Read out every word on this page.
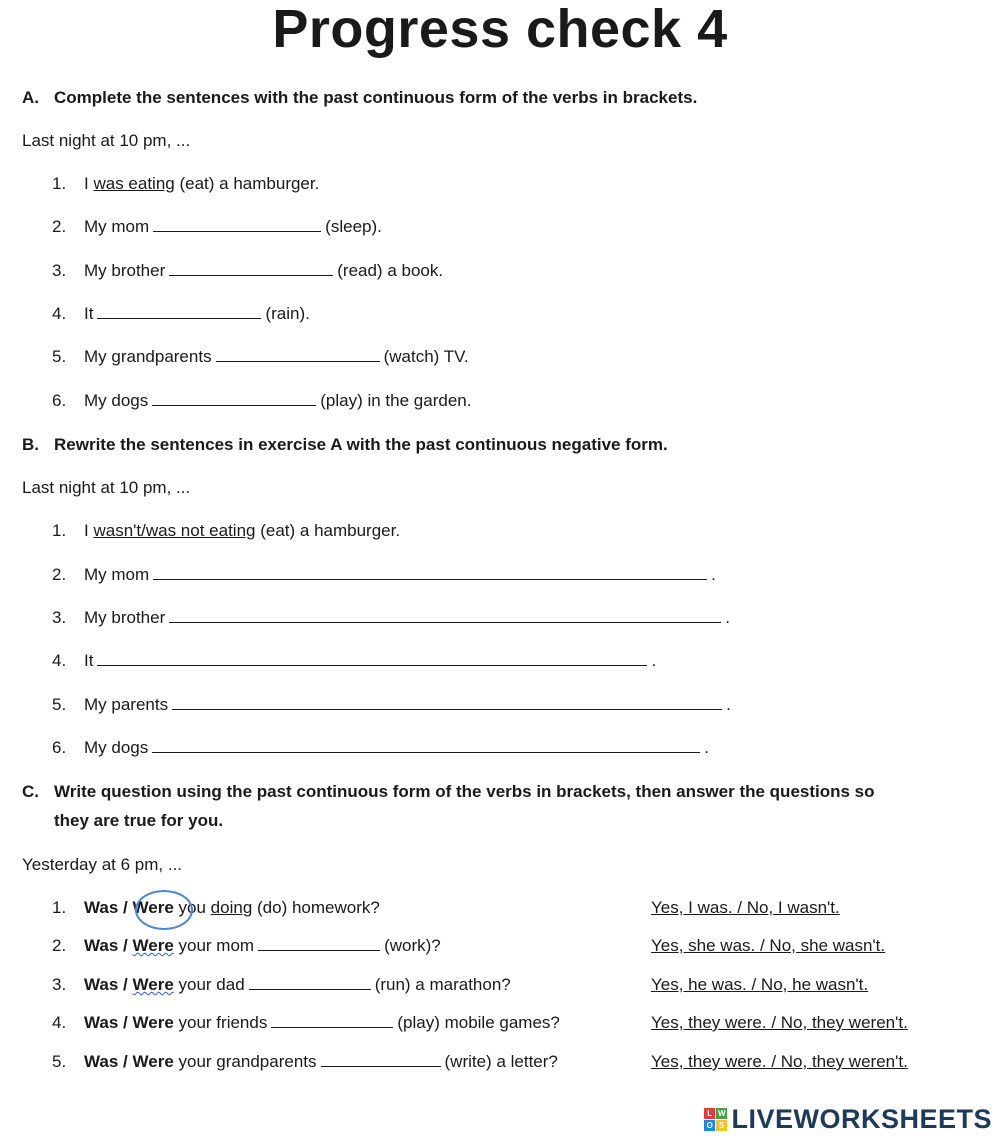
Progress check 4
A. Complete the sentences with the past continuous form of the verbs in brackets.
Last night at 10 pm, ...
1. I was eating (eat) a hamburger.
2. My mom	(sleep).
3. My brother	(read) a book.
4. It	(rain).
5. My grandparents	(watch) TV.
6. My dogs	(play) in the garden.
B. Rewrite the sentences in exercise A with the past continuous negative form.
Last night at 10 pm, ...
1. I wasn't/was not eating (eat) a hamburger.
2. My mom	.
3. My brother	.
4. It	.
5. My parents	.
6. My dogs	.
C. Write question using the past continuous form of the verbs in brackets, then answer the questions so
they are true for you.
Yesterday at 6 pm, ...
1. Was / Were you doing (do) homework?	Yes, I was. / No, I wasn't.
2. Was / Were your mom	(work)?	Yes, she was. / No, she wasn't.
3. Was / Were your dad	(run) a marathon?	Yes, he was. / No, he wasn't.
4. Was / Were your friends	(play) mobile games?	Yes, they were. / No, they weren't.
5. Was / Were your grandparents	(write) a letter?	Yes, they were. / No, they weren't.
L W
O S LIVEWORKSHEETS
